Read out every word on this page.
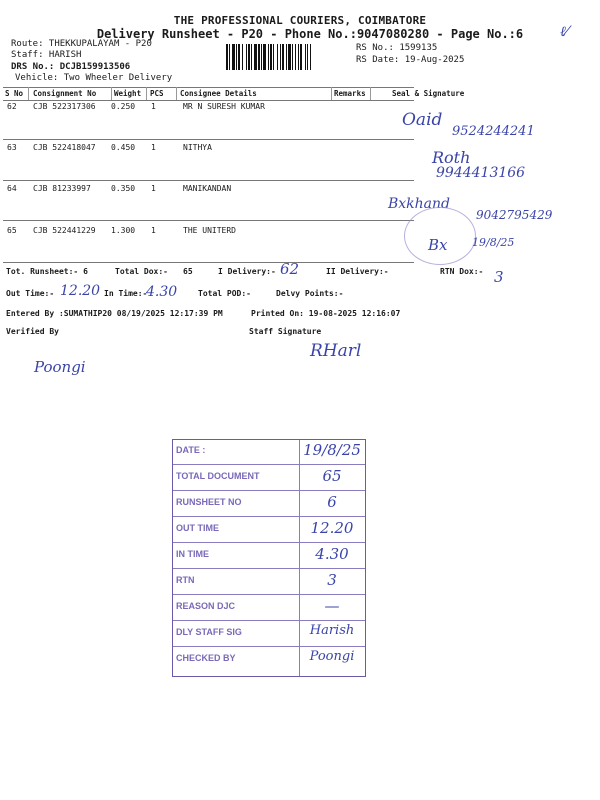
THE PROFESSIONAL COURIERS, COIMBATORE
Delivery Runsheet - P20 - Phone No.:9047080280 - Page No.:6	ℓ⁄
Route: THEKKUPALAYAM - P20
Staff: HARISH
DRS No.: DCJB159913506
Vehicle: Two Wheeler Delivery
RS No.: 1599135
RS Date: 19-Aug-2025
S No Consignment No Weight PCS Consignee Details	Remarks	Seal & Signature
62 CJB 522317306 0.250 1	MR N SURESH KUMAR
Oaid
9524244241
63 CJB 522418047 0.450 1	NITHYA
Roth
9944413166
64 CJB 81233997	0.350 1	MANIKANDAN
Bxkhand
9042795429
65 CJB 522441229 1.300 1	THE UNITERD
Bx 19/8/25
Tot. Runsheet:- 6	Total Dox:- 65	I Delivery:- 62	II Delivery:-	RTN Dox:- 3
Out Time:- 12.20 In Time:-
4.30	Total POD:-	Delvy Points:-
Entered By :SUMATHIP20 08/19/2025 12:17:39 PM	Printed On: 19-08-2025 12:16:07
Verified By
Poongi
Staff Signature
RHarl
DATE :	19/8/25
TOTAL DOCUMENT	65
RUNSHEET NO	6
OUT TIME	12.20
IN TIME	4.30
RTN	3
REASON DJC	—
DLY STAFF SIG	Harish
CHECKED BY	Poongi
